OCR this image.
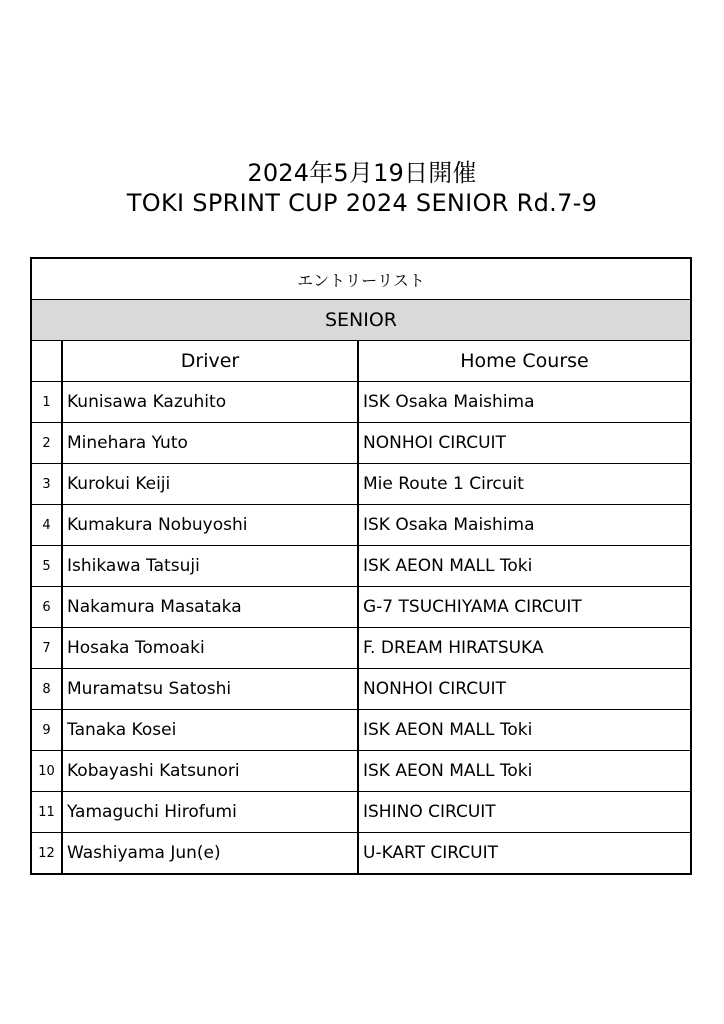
2024年5月19日開催
TOKI SPRINT CUP 2024 SENIOR Rd.7-9
エントリーリスト		
SENIOR		
	Driver	Home Course
1	Kunisawa Kazuhito	ISK Osaka Maishima
2	Minehara Yuto	NONHOI CIRCUIT
3	Kurokui Keiji	Mie Route 1 Circuit
4	Kumakura Nobuyoshi	ISK Osaka Maishima
5	Ishikawa Tatsuji	ISK AEON MALL Toki
6	Nakamura Masataka	G-7 TSUCHIYAMA CIRCUIT
7	Hosaka Tomoaki	F. DREAM HIRATSUKA
8	Muramatsu Satoshi	NONHOI CIRCUIT
9	Tanaka Kosei	ISK AEON MALL Toki
10	Kobayashi Katsunori	ISK AEON MALL Toki
11	Yamaguchi Hirofumi	ISHINO CIRCUIT
12	Washiyama Jun(e)	U-KART CIRCUIT
